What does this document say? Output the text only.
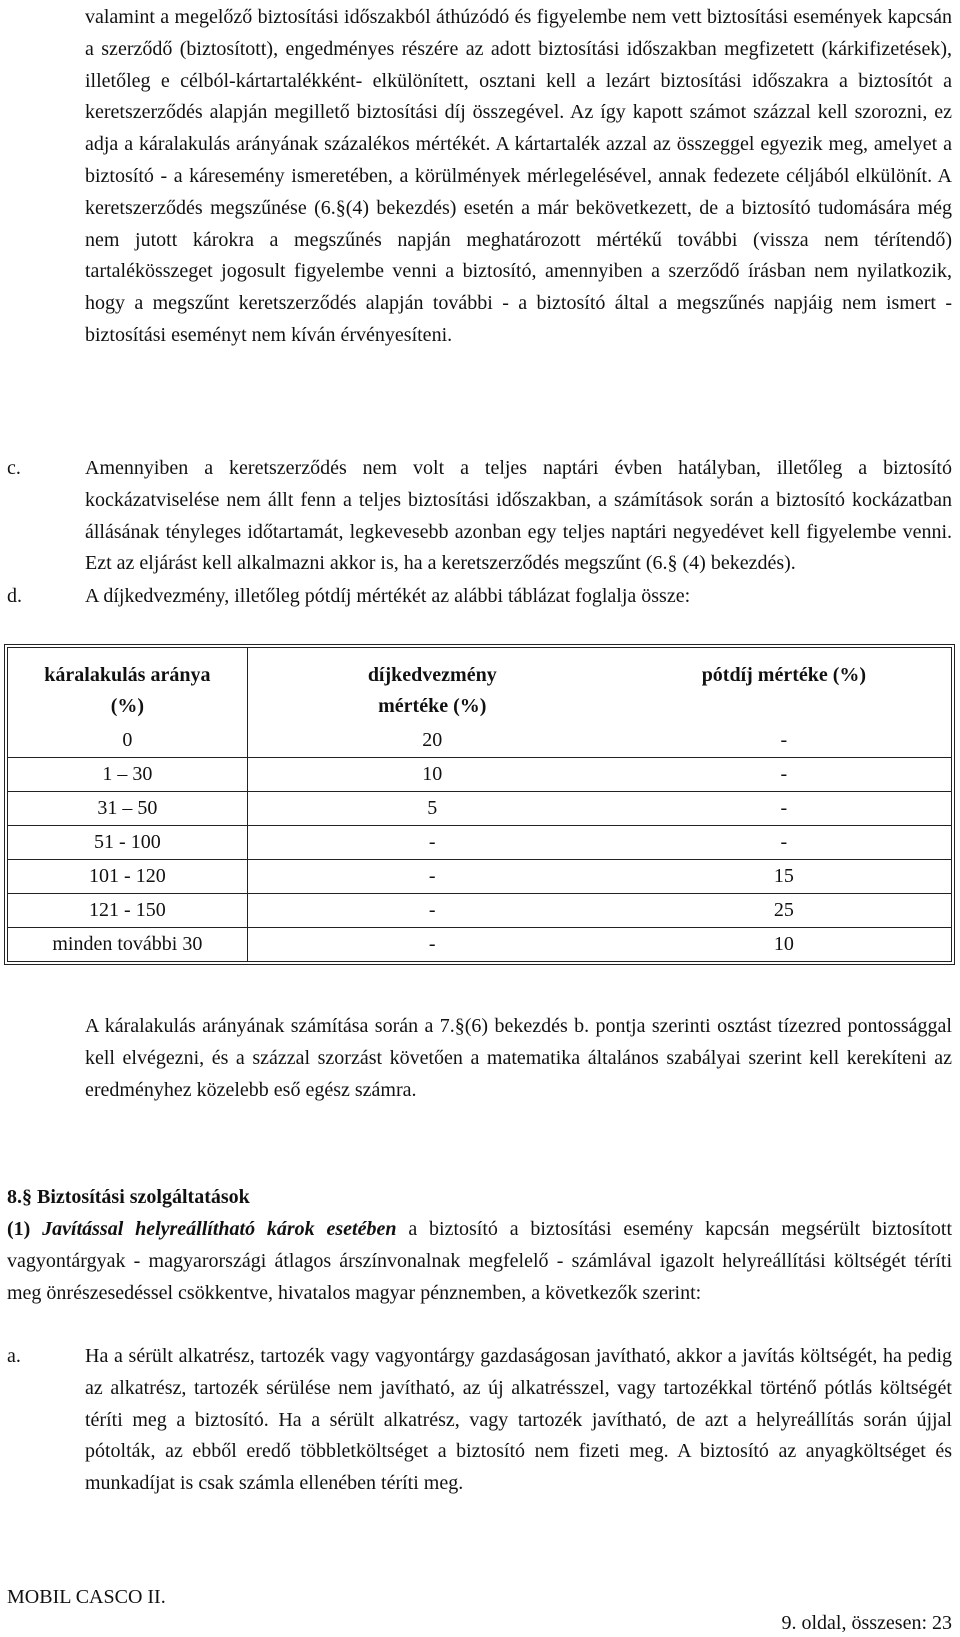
valamint a megelőző biztosítási időszakból áthúzódó és figyelembe nem vett biztosítási események kapcsán a szerződő (biztosított), engedményes részére az adott biztosítási időszakban megfizetett (kárkifizetések), illetőleg e célból-kártartalékként- elkülönített, osztani kell a lezárt biztosítási időszakra a biztosítót a keretszerződés alapján megillető biztosítási díj összegével. Az így kapott számot százzal kell szorozni, ez adja a káralakulás arányának százalékos mértékét. A kártartalék azzal az összeggel egyezik meg, amelyet a biztosító - a káresemény ismeretében, a körülmények mérlegelésével, annak fedezete céljából elkülönít. A keretszerződés megszűnése (6.§(4) bekezdés) esetén a már bekövetkezett, de a biztosító tudomására még nem jutott károkra a megszűnés napján meghatározott mértékű további (vissza nem térítendő) tartalékösszeget jogosult figyelembe venni a biztosító, amennyiben a szerződő írásban nem nyilatkozik, hogy a megszűnt keretszerződés alapján további - a biztosító által a megszűnés napjáig nem ismert - biztosítási eseményt nem kíván érvényesíteni.

c.	Amennyiben a keretszerződés nem volt a teljes naptári évben hatályban, illetőleg a biztosító kockázatviselése nem állt fenn a teljes biztosítási időszakban, a számítások során a biztosító kockázatban állásának tényleges időtartamát, legkevesebb azonban egy teljes naptári negyedévet kell figyelembe venni. Ezt az eljárást kell alkalmazni akkor is, ha a keretszerződés megszűnt (6.§ (4) bekezdés).

d.	A díjkedvezmény, illetőleg pótdíj mértékét az alábbi táblázat foglalja össze:

káralakulás aránya (%)	díjkedvezmény mértéke (%)	pótdíj mértéke (%)

0	20	-
1 – 30	10	-
31 – 50	5	-
51 - 100	-	-
101 - 120	-	15
121 - 150	-	25
minden további 30	-	10

A káralakulás arányának számítása során a 7.§(6) bekezdés b. pontja szerinti osztást tízezred pontossággal kell elvégezni, és a százzal szorzást követően a matematika általános szabályai szerint kell kerekíteni az eredményhez közelebb eső egész számra.

8.§ Biztosítási szolgáltatások

(1) Javítással helyreállítható károk esetében a biztosító a biztosítási esemény kapcsán megsérült biztosított vagyontárgyak - magyarországi átlagos árszínvonalnak megfelelő - számlával igazolt helyreállítási költségét téríti meg önrészesedéssel csökkentve, hivatalos magyar pénznemben, a következők szerint:

a.	Ha a sérült alkatrész, tartozék vagy vagyontárgy gazdaságosan javítható, akkor a javítás költségét, ha pedig az alkatrész, tartozék sérülése nem javítható, az új alkatrésszel, vagy tartozékkal történő pótlás költségét téríti meg a biztosító. Ha a sérült alkatrész, vagy tartozék javítható, de azt a helyreállítás során újjal pótolták, az ebből eredő többletköltséget a biztosító nem fizeti meg. A biztosító az anyagköltséget és munkadíjat is csak számla ellenében téríti meg.

MOBIL CASCO II.
9. oldal, összesen: 23
